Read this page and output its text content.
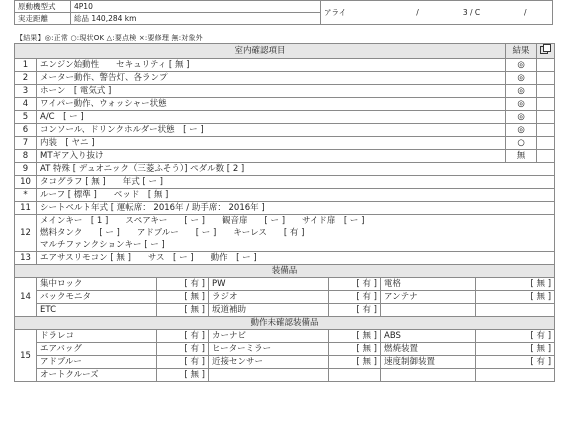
原動機型式	4P10	アライ	/	3 / C	/
実走距離	総品 140,284 km				
【結果】◎:正常 ○:現状OK △:要点検 ×:要修理 無:対象外
室内確認項目							結果	
1	エンジン始動性　　セキュリティ [ 無 ]						◎	
2	メーター動作、警告灯、各ランプ						◎	
3	ホーン　[ 電気式 ]						◎	
4	ワイパー動作、ウォッシャー状態						◎	
5	A/C　[ ー ]						◎	
6	コンソール、ドリンクホルダー状態　[ ー ]						◎	
7	内装　[ ヤニ ]						○	
8	MTギア入り抜け						無	
9	AT 特殊 [ デュオニック（三菱ふそう）] ペダル数 [ 2 ]							
10	タコグラフ [ 無 ]　　年式 [ ー ]							
*	ルーフ [ 標準 ]　　ベッド　[ 無 ]							
11	シートベルト年式 [ 運転席： 2016年 / 助手席： 2016年 ]							
12	メインキー　[ 1 ]　　スペアキー　　[ ー ]　　観音扉　　[ ー ]　　サイド扉　[ ー ]
燃料タンク　　[ ー ]　　アドブルー　　[ ー ]　　キーレス　　[ 有 ]
マルチファンクションキー [ ー ]							

13	エアサスリモコン [ 無 ]　　サス　[ ー ]　　動作　[ ー ]							
装備品								
14	集中ロック	[ 有 ]	PW	[ 有 ]	電格	[ 無 ]		
	バックモニタ	[ 無 ]	ラジオ	[ 有 ]	アンテナ	[ 無 ]		
	ETC	[ 無 ]	坂道補助	[ 有 ]				
動作未確認装備品								
15	ドラレコ	[ 有 ]	カーナビ	[ 無 ]	ABS	[ 有 ]		
	エアバッグ	[ 有 ]	ヒーターミラー	[ 無 ]	燃焼装置	[ 無 ]		
	アドブルー	[ 有 ]	近接センサー	[ 無 ]	速度制御装置	[ 有 ]		
	オートクルーズ	[ 無 ]						
